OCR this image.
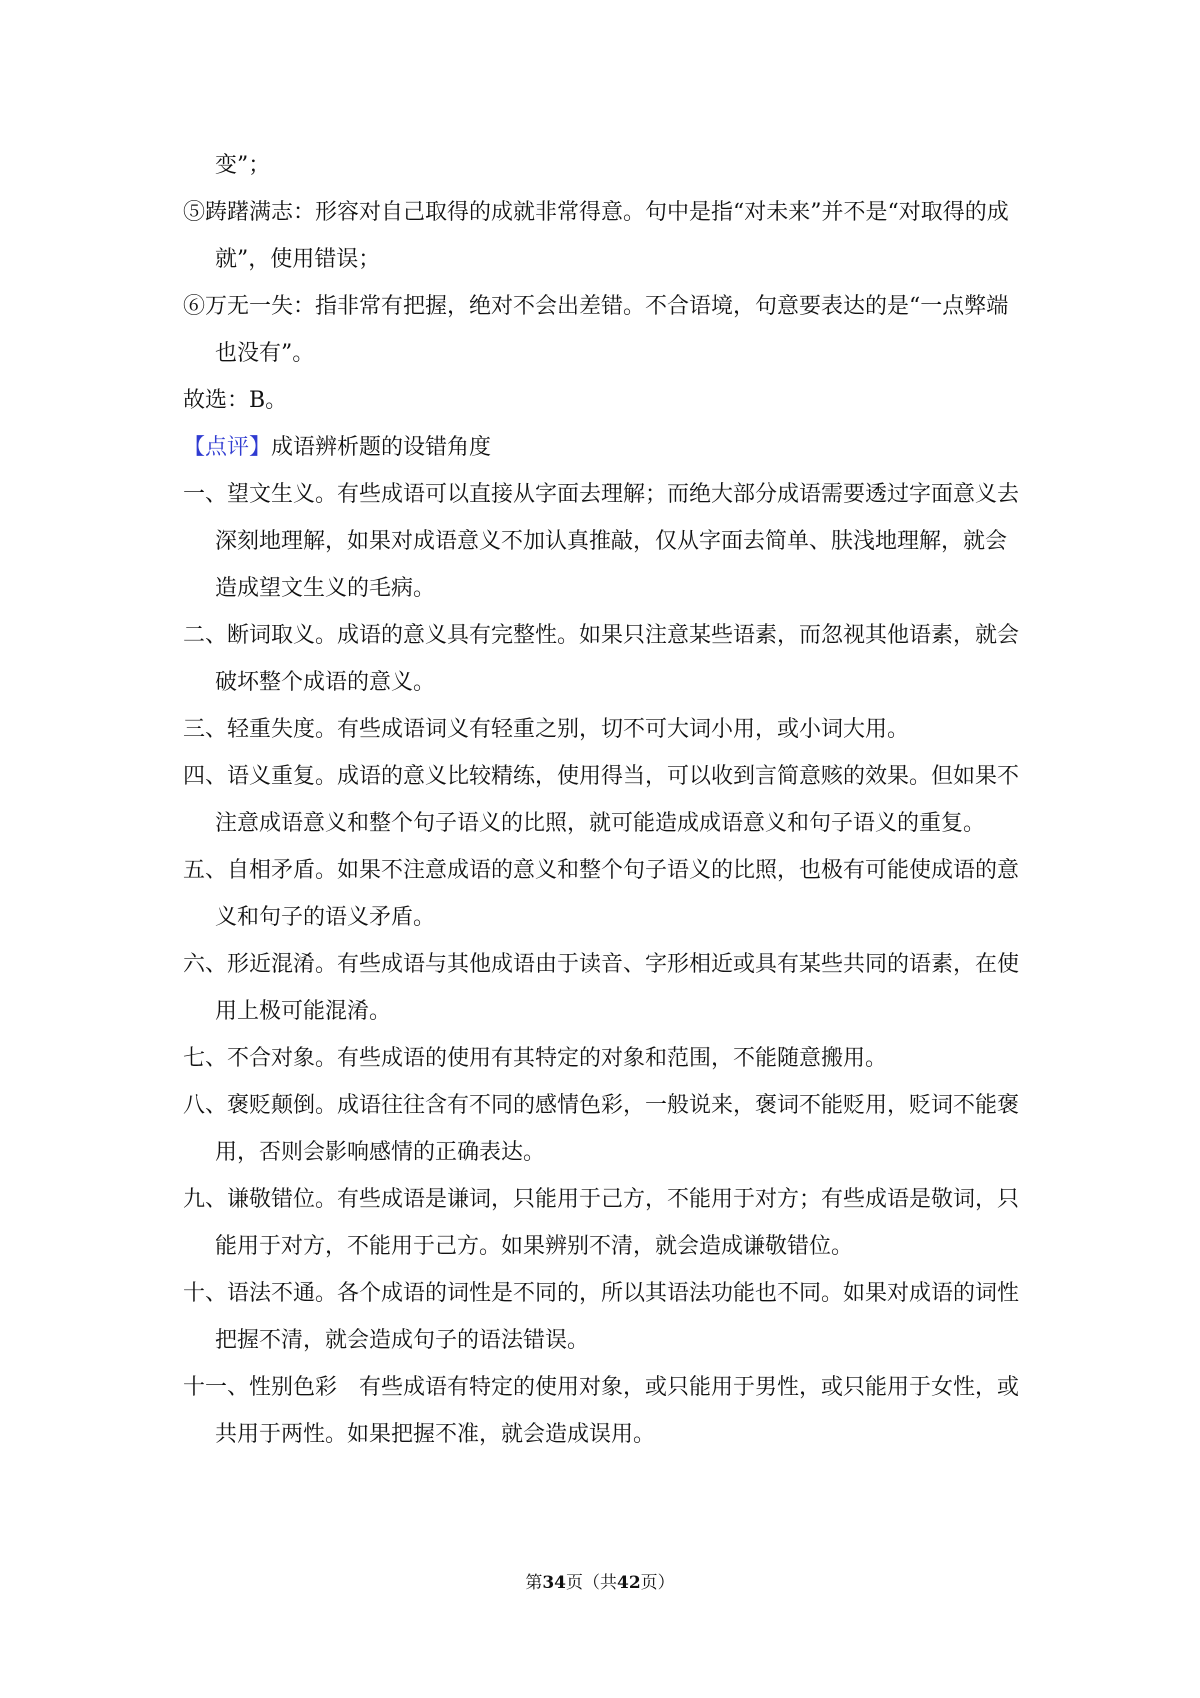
变”；

⑤踌躇满志：形容对自己取得的成就非常得意。句中是指“对未来”并不是“对取得的成就”，使用错误；

⑥万无一失：指非常有把握，绝对不会出差错。不合语境，句意要表达的是“一点弊端也没有”。

故选：B。

【点评】成语辨析题的设错角度

一、望文生义。有些成语可以直接从字面去理解；而绝大部分成语需要透过字面意义去深刻地理解，如果对成语意义不加认真推敲，仅从字面去简单、肤浅地理解，就会造成望文生义的毛病。

二、断词取义。成语的意义具有完整性。如果只注意某些语素，而忽视其他语素，就会破坏整个成语的意义。

三、轻重失度。有些成语词义有轻重之别，切不可大词小用，或小词大用。

四、语义重复。成语的意义比较精练，使用得当，可以收到言简意赅的效果。但如果不注意成语意义和整个句子语义的比照，就可能造成成语意义和句子语义的重复。

五、自相矛盾。如果不注意成语的意义和整个句子语义的比照，也极有可能使成语的意义和句子的语义矛盾。

六、形近混淆。有些成语与其他成语由于读音、字形相近或具有某些共同的语素，在使用上极可能混淆。

七、不合对象。有些成语的使用有其特定的对象和范围，不能随意搬用。

八、褒贬颠倒。成语往往含有不同的感情色彩，一般说来，褒词不能贬用，贬词不能褒用，否则会影响感情的正确表达。

九、谦敬错位。有些成语是谦词，只能用于己方，不能用于对方；有些成语是敬词，只能用于对方，不能用于己方。如果辨别不清，就会造成谦敬错位。

十、语法不通。各个成语的词性是不同的，所以其语法功能也不同。如果对成语的词性把握不清，就会造成句子的语法错误。

十一、性别色彩　有些成语有特定的使用对象，或只能用于男性，或只能用于女性，或共用于两性。如果把握不准，就会造成误用。

第34页（共42页）
